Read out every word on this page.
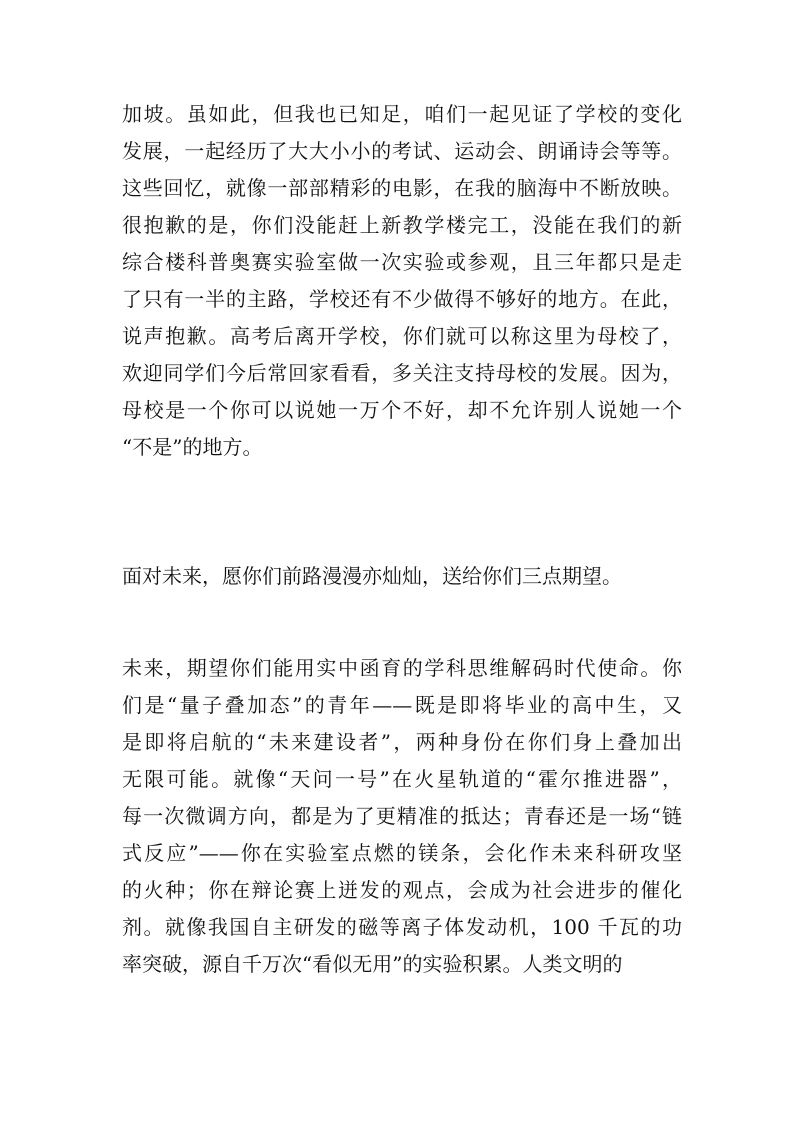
加坡。虽如此，但我也已知足，咱们一起见证了学校的变化
发展，一起经历了大大小小的考试、运动会、朗诵诗会等等。
这些回忆，就像一部部精彩的电影，在我的脑海中不断放映。
很抱歉的是，你们没能赶上新教学楼完工，没能在我们的新
综合楼科普奥赛实验室做一次实验或参观，且三年都只是走
了只有一半的主路，学校还有不少做得不够好的地方。在此，
说声抱歉。高考后离开学校，你们就可以称这里为母校了，
欢迎同学们今后常回家看看，多关注支持母校的发展。因为，
母校是一个你可以说她一万个不好，却不允许别人说她一个
“不是”的地方。
面对未来，愿你们前路漫漫亦灿灿，送给你们三点期望。
未来，期望你们能用实中函育的学科思维解码时代使命。你
们是“量子叠加态”的青年——既是即将毕业的高中生，又
是即将启航的“未来建设者”，两种身份在你们身上叠加出
无限可能。就像“天问一号”在火星轨道的“霍尔推进器”，
每一次微调方向，都是为了更精准的抵达；青春还是一场“链
式反应”——你在实验室点燃的镁条，会化作未来科研攻坚
的火种；你在辩论赛上迸发的观点，会成为社会进步的催化
剂。就像我国自主研发的磁等离子体发动机，100 千瓦的功
率突破，源自千万次“看似无用”的实验积累。人类文明的
